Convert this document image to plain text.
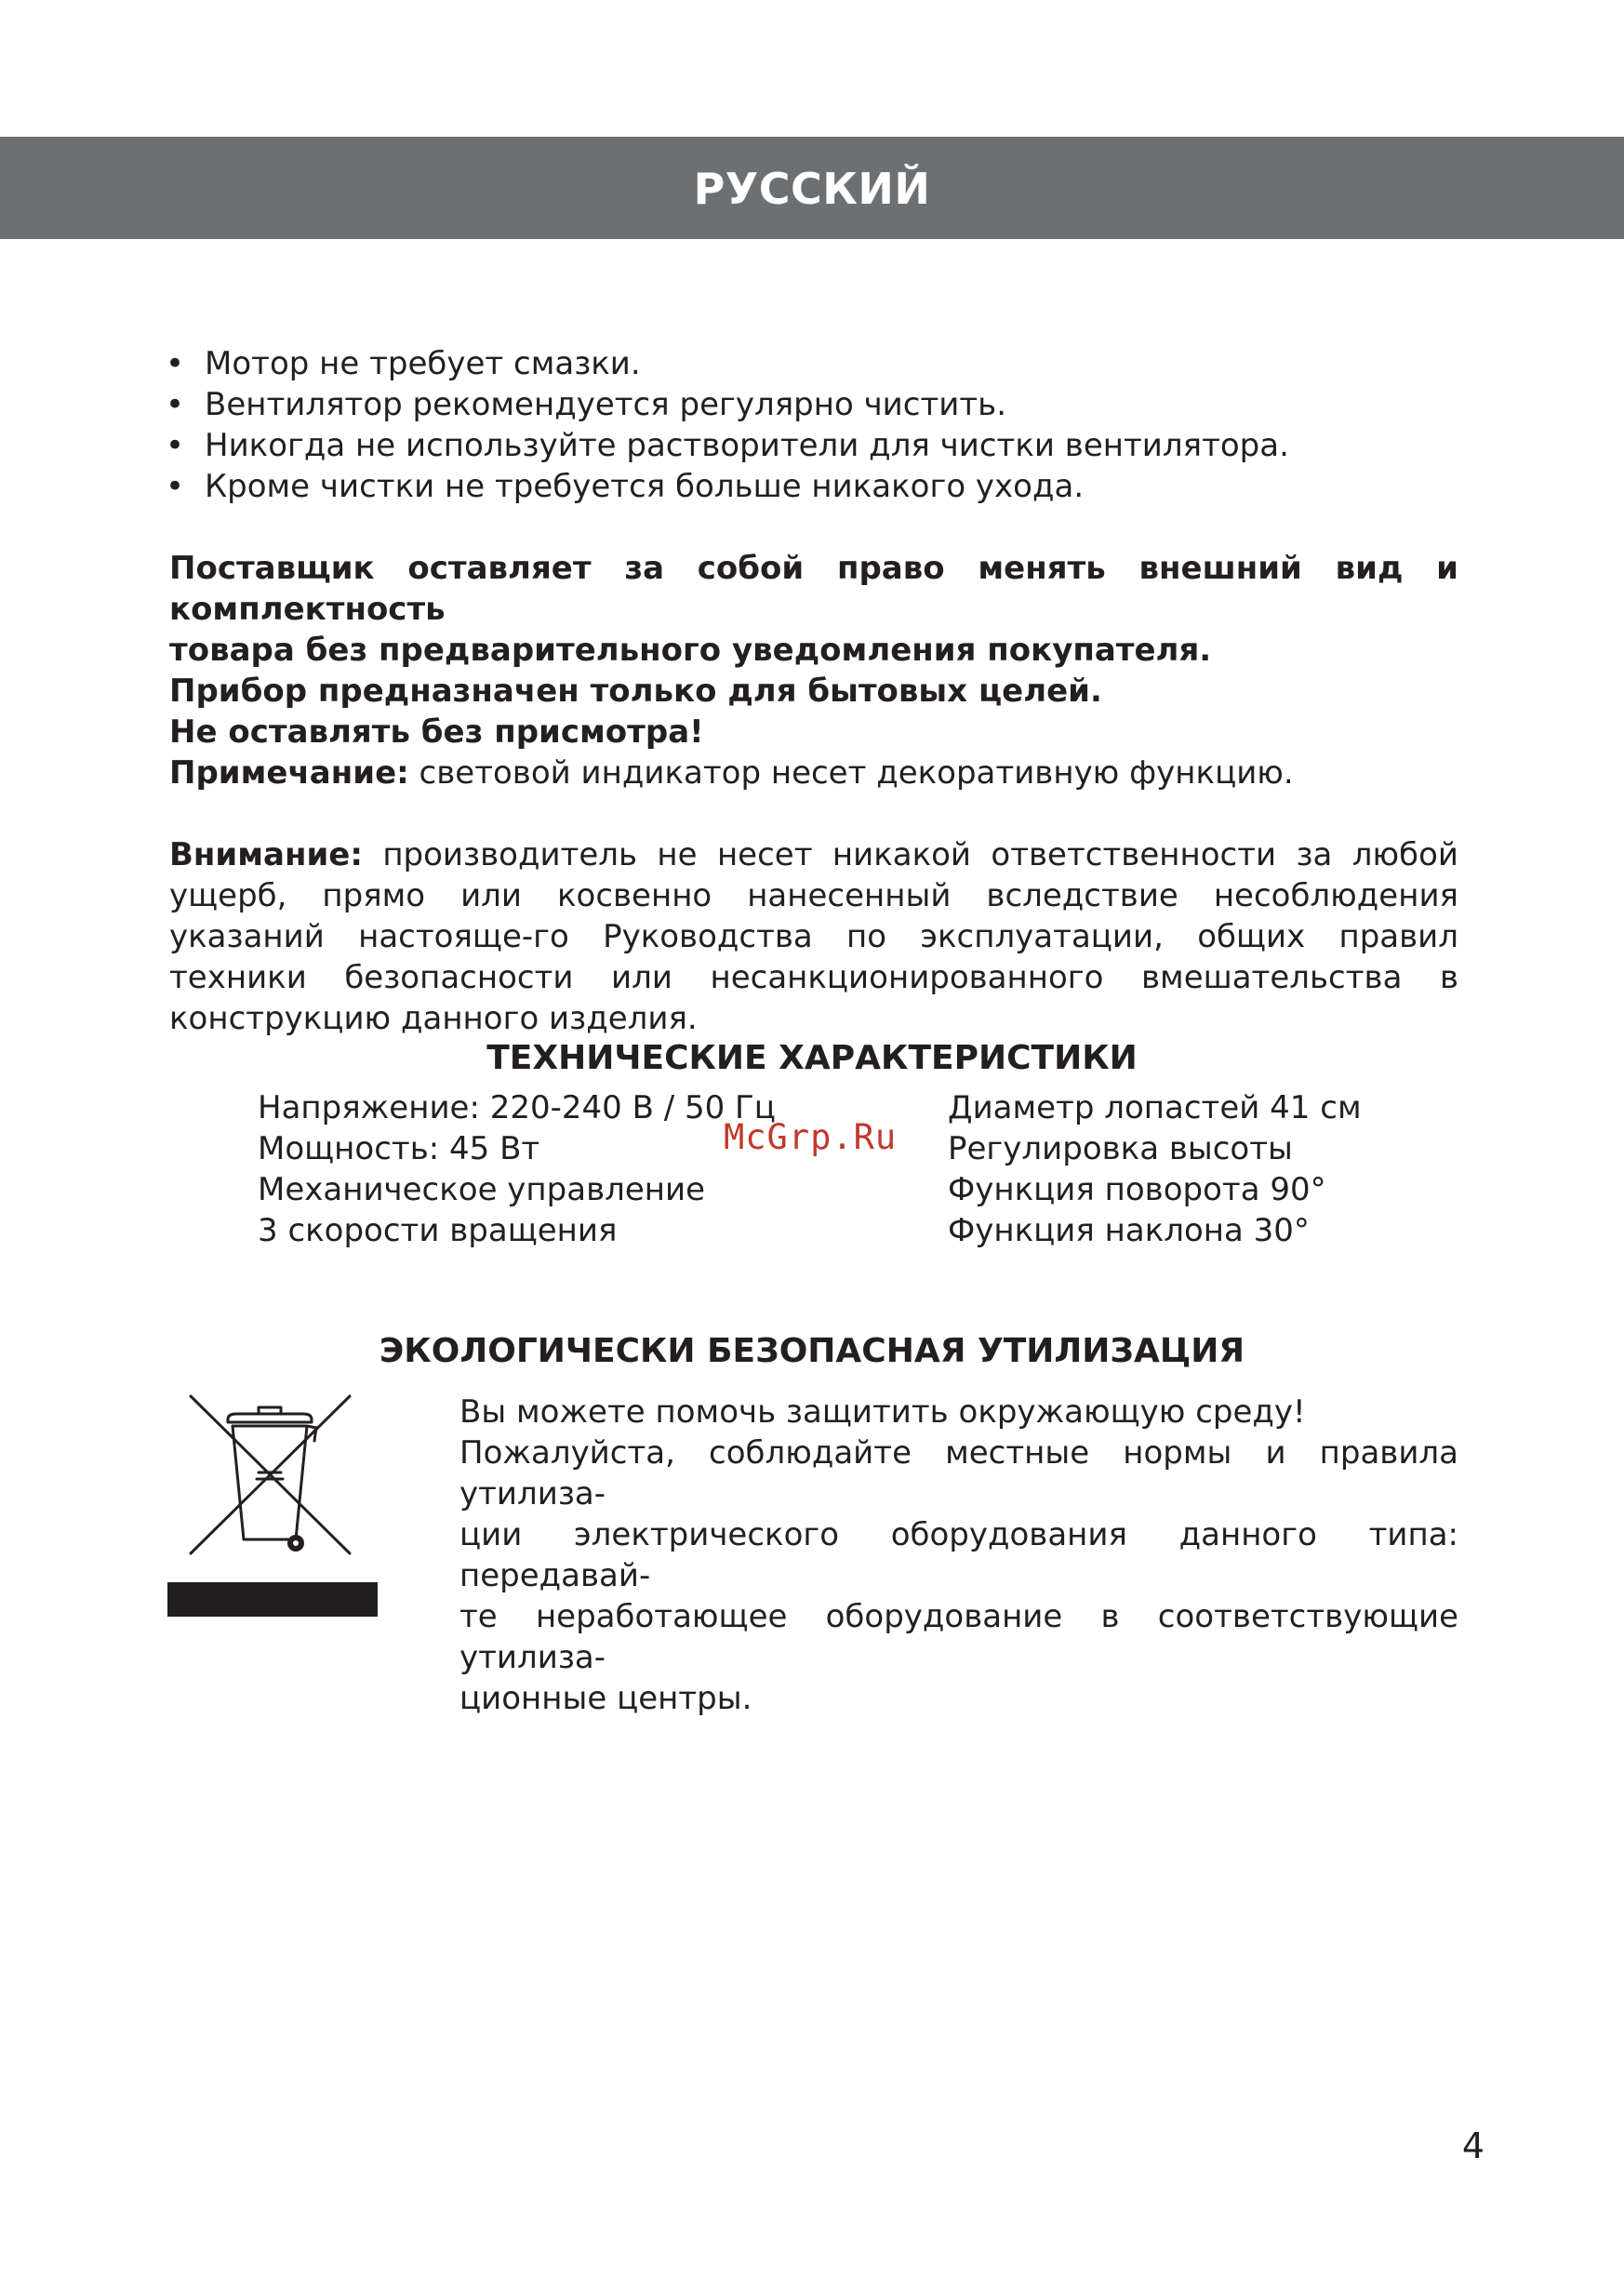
РУССКИЙ
• Мотор не требует смазки.
• Вентилятор рекомендуется регулярно чистить.
• Никогда не используйте растворители для чистки вентилятора.
• Кроме чистки не требуется больше никакого ухода.
Поставщик оставляет за собой право менять внешний вид и комплектность
товара без предварительного уведомления покупателя.
Прибор предназначен только для бытовых целей.
Не оставлять без присмотра!
Примечание: световой индикатор несет декоративную функцию.
Внимание: производитель не несет никакой ответственности за любой ущерб, прямо или косвенно нанесенный вследствие несоблюдения указаний настояще-го Руководства по эксплуатации, общих правил техники безопасности или несанкционированного вмешательства в конструкцию данного изделия.
ТЕХНИЧЕСКИЕ ХАРАКТЕРИСТИКИ
Напряжение: 220-240 В / 50 Гц
Мощность: 45 Вт
Механическое управление
3 скорости вращения
Диаметр лопастей 41 см
Регулировка высоты
Функция поворота 90°
Функция наклона 30°
McGrp.Ru
ЭКОЛОГИЧЕСКИ БЕЗОПАСНАЯ УТИЛИЗАЦИЯ
Вы можете помочь защитить окружающую среду!
Пожалуйста, соблюдайте местные нормы и правила утилиза-
ции электрического оборудования данного типа: передавай-
те неработающее оборудование в соответствующие утилиза-
ционные центры.
4
